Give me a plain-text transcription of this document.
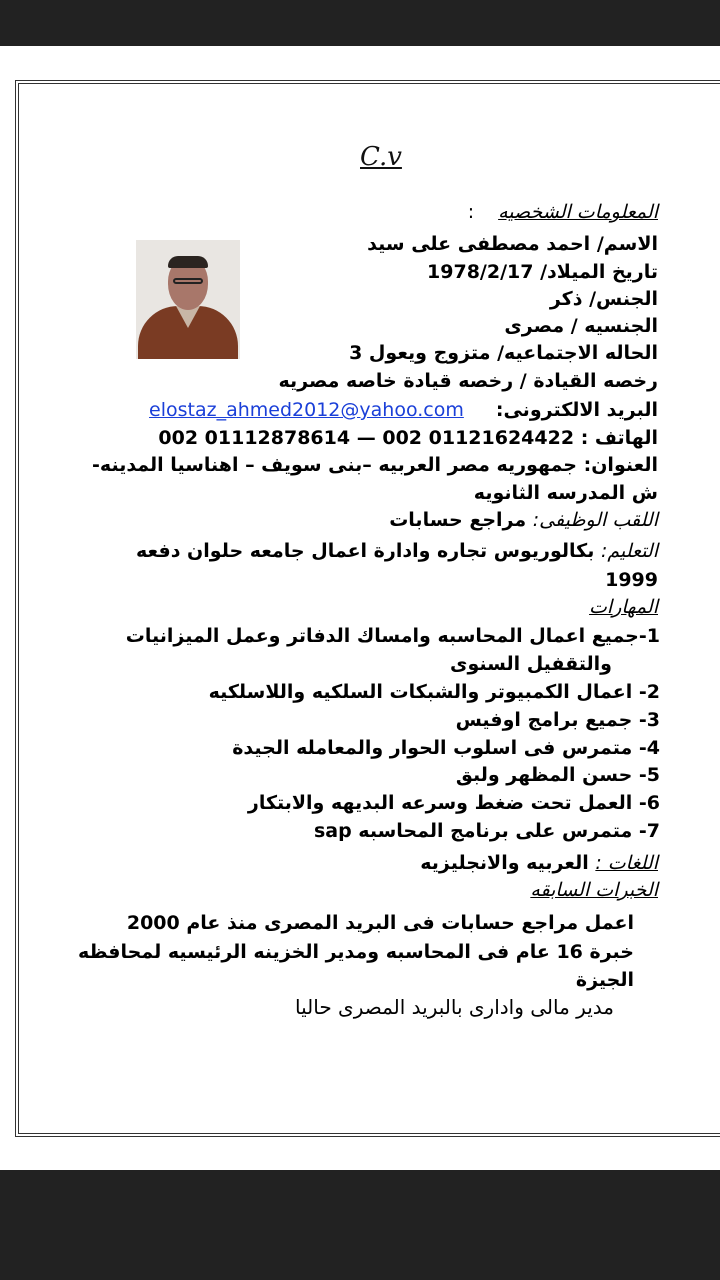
C.v
المعلومات الشخصيه:
الاسم/ احمد مصطفى على سيد
تاريخ الميلاد/ 1978/2/17
الجنس/ ذكر
الجنسيه / مصرى
الحاله الاجتماعيه/ متزوج ويعول 3
رخصه القيادة / رخصه قيادة خاصه مصريه
البريد الالكترونى:elostaz_ahmed2012@yahoo.com
الهاتف : 01121624422 002 — 01112878614 002
العنوان: جمهوريه مصر العربيه –بنى سويف – اهناسيا المدينه-
ش المدرسه الثانويه
اللقب الوظيفى: مراجع حسابات
التعليم: بكالوريوس تجاره وادارة اعمال جامعه حلوان دفعه
1999
المهارات
1-جميع اعمال المحاسبه وامساك الدفاتر وعمل الميزانيات
والتقفيل السنوى
2- اعمال الكمبيوتر والشبكات السلكيه واللاسلكيه
3- جميع برامج اوفيس
4- متمرس فى اسلوب الحوار والمعامله الجيدة
5- حسن المظهر ولبق
6- العمل تحت ضغط وسرعه البديهه والابتكار
7- متمرس على برنامج المحاسبه sap
اللغات : العربيه والانجليزيه
الخبرات السابقه
اعمل مراجع حسابات فى البريد المصرى منذ عام 2000
خبرة 16 عام فى المحاسبه ومدير الخزينه الرئيسيه لمحافظه
الجيزة
مدير مالى وادارى بالبريد المصرى حاليا
